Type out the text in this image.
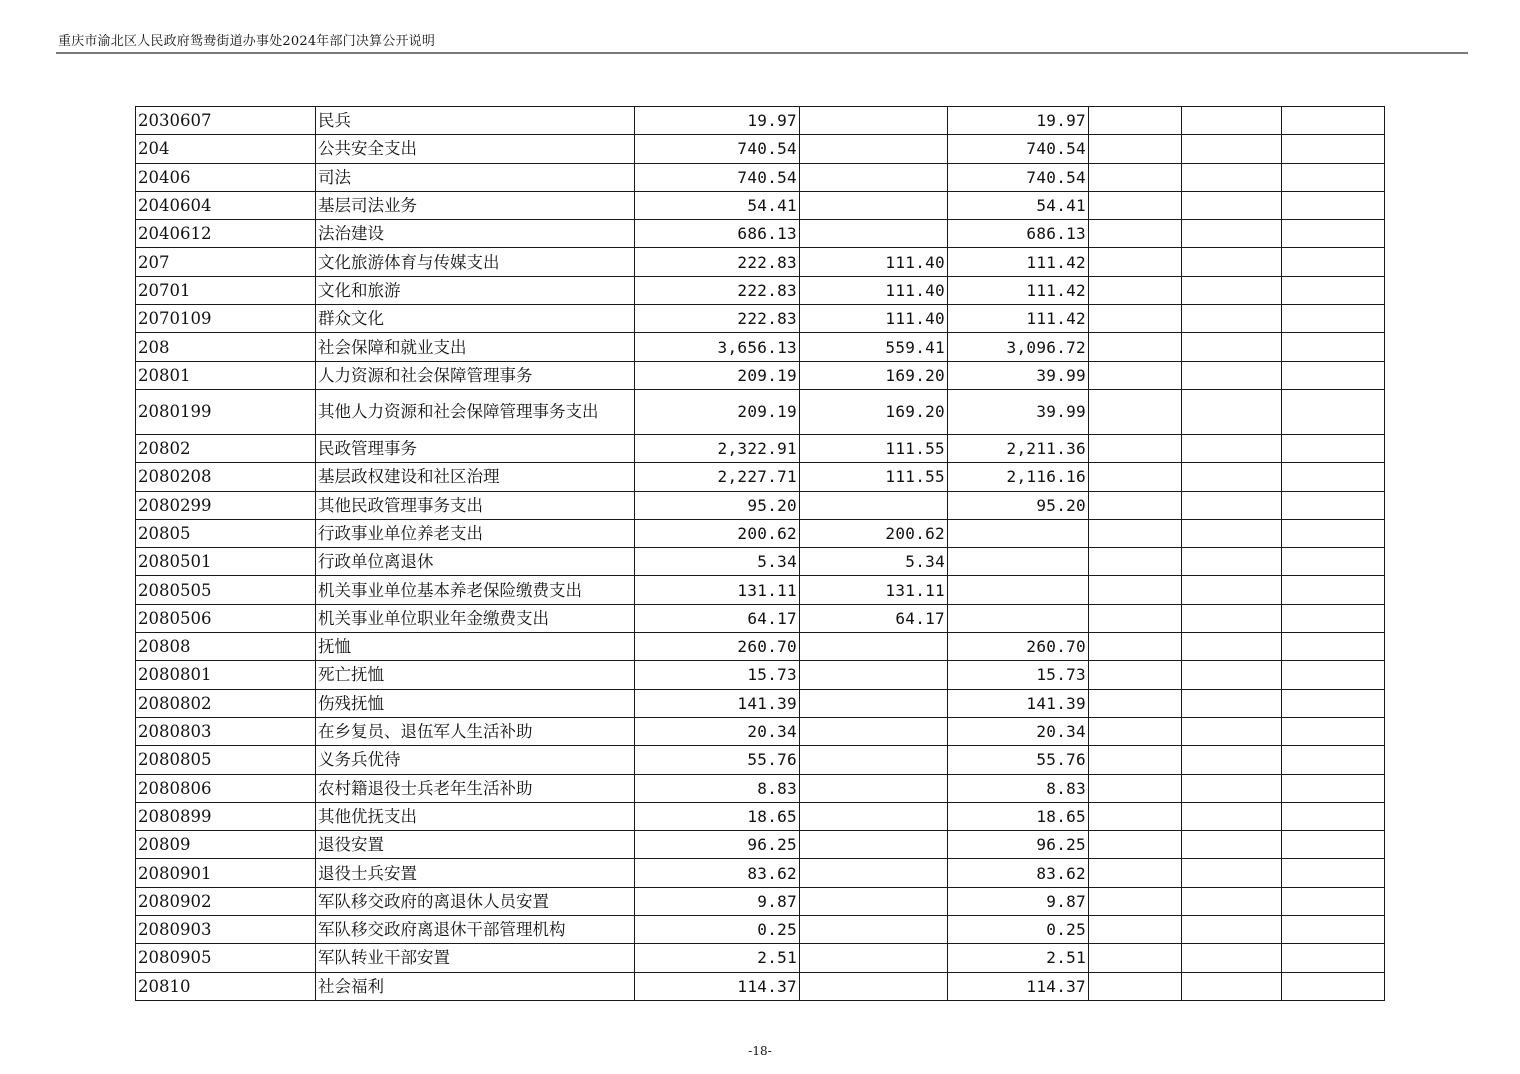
重庆市渝北区人民政府鸳鸯街道办事处2024年部门决算公开说明
2030607	民兵	19.97		19.97			
204	公共安全支出	740.54		740.54			
20406	司法	740.54		740.54			
2040604	基层司法业务	54.41		54.41			
2040612	法治建设	686.13		686.13			
207	文化旅游体育与传媒支出	222.83	111.40	111.42			
20701	文化和旅游	222.83	111.40	111.42			
2070109	群众文化	222.83	111.40	111.42			
208	社会保障和就业支出	3,656.13	559.41	3,096.72			
20801	人力资源和社会保障管理事务	209.19	169.20	39.99			
2080199	其他人力资源和社会保障管理事务支出	209.19	169.20	39.99			
20802	民政管理事务	2,322.91	111.55	2,211.36			
2080208	基层政权建设和社区治理	2,227.71	111.55	2,116.16			
2080299	其他民政管理事务支出	95.20		95.20			
20805	行政事业单位养老支出	200.62	200.62				
2080501	行政单位离退休	5.34	5.34				
2080505	机关事业单位基本养老保险缴费支出	131.11	131.11				
2080506	机关事业单位职业年金缴费支出	64.17	64.17				
20808	抚恤	260.70		260.70			
2080801	死亡抚恤	15.73		15.73			
2080802	伤残抚恤	141.39		141.39			
2080803	在乡复员、退伍军人生活补助	20.34		20.34			
2080805	义务兵优待	55.76		55.76			
2080806	农村籍退役士兵老年生活补助	8.83		8.83			
2080899	其他优抚支出	18.65		18.65			
20809	退役安置	96.25		96.25			
2080901	退役士兵安置	83.62		83.62			
2080902	军队移交政府的离退休人员安置	9.87		9.87			
2080903	军队移交政府离退休干部管理机构	0.25		0.25			
2080905	军队转业干部安置	2.51		2.51			
20810	社会福利	114.37		114.37			
-18-
